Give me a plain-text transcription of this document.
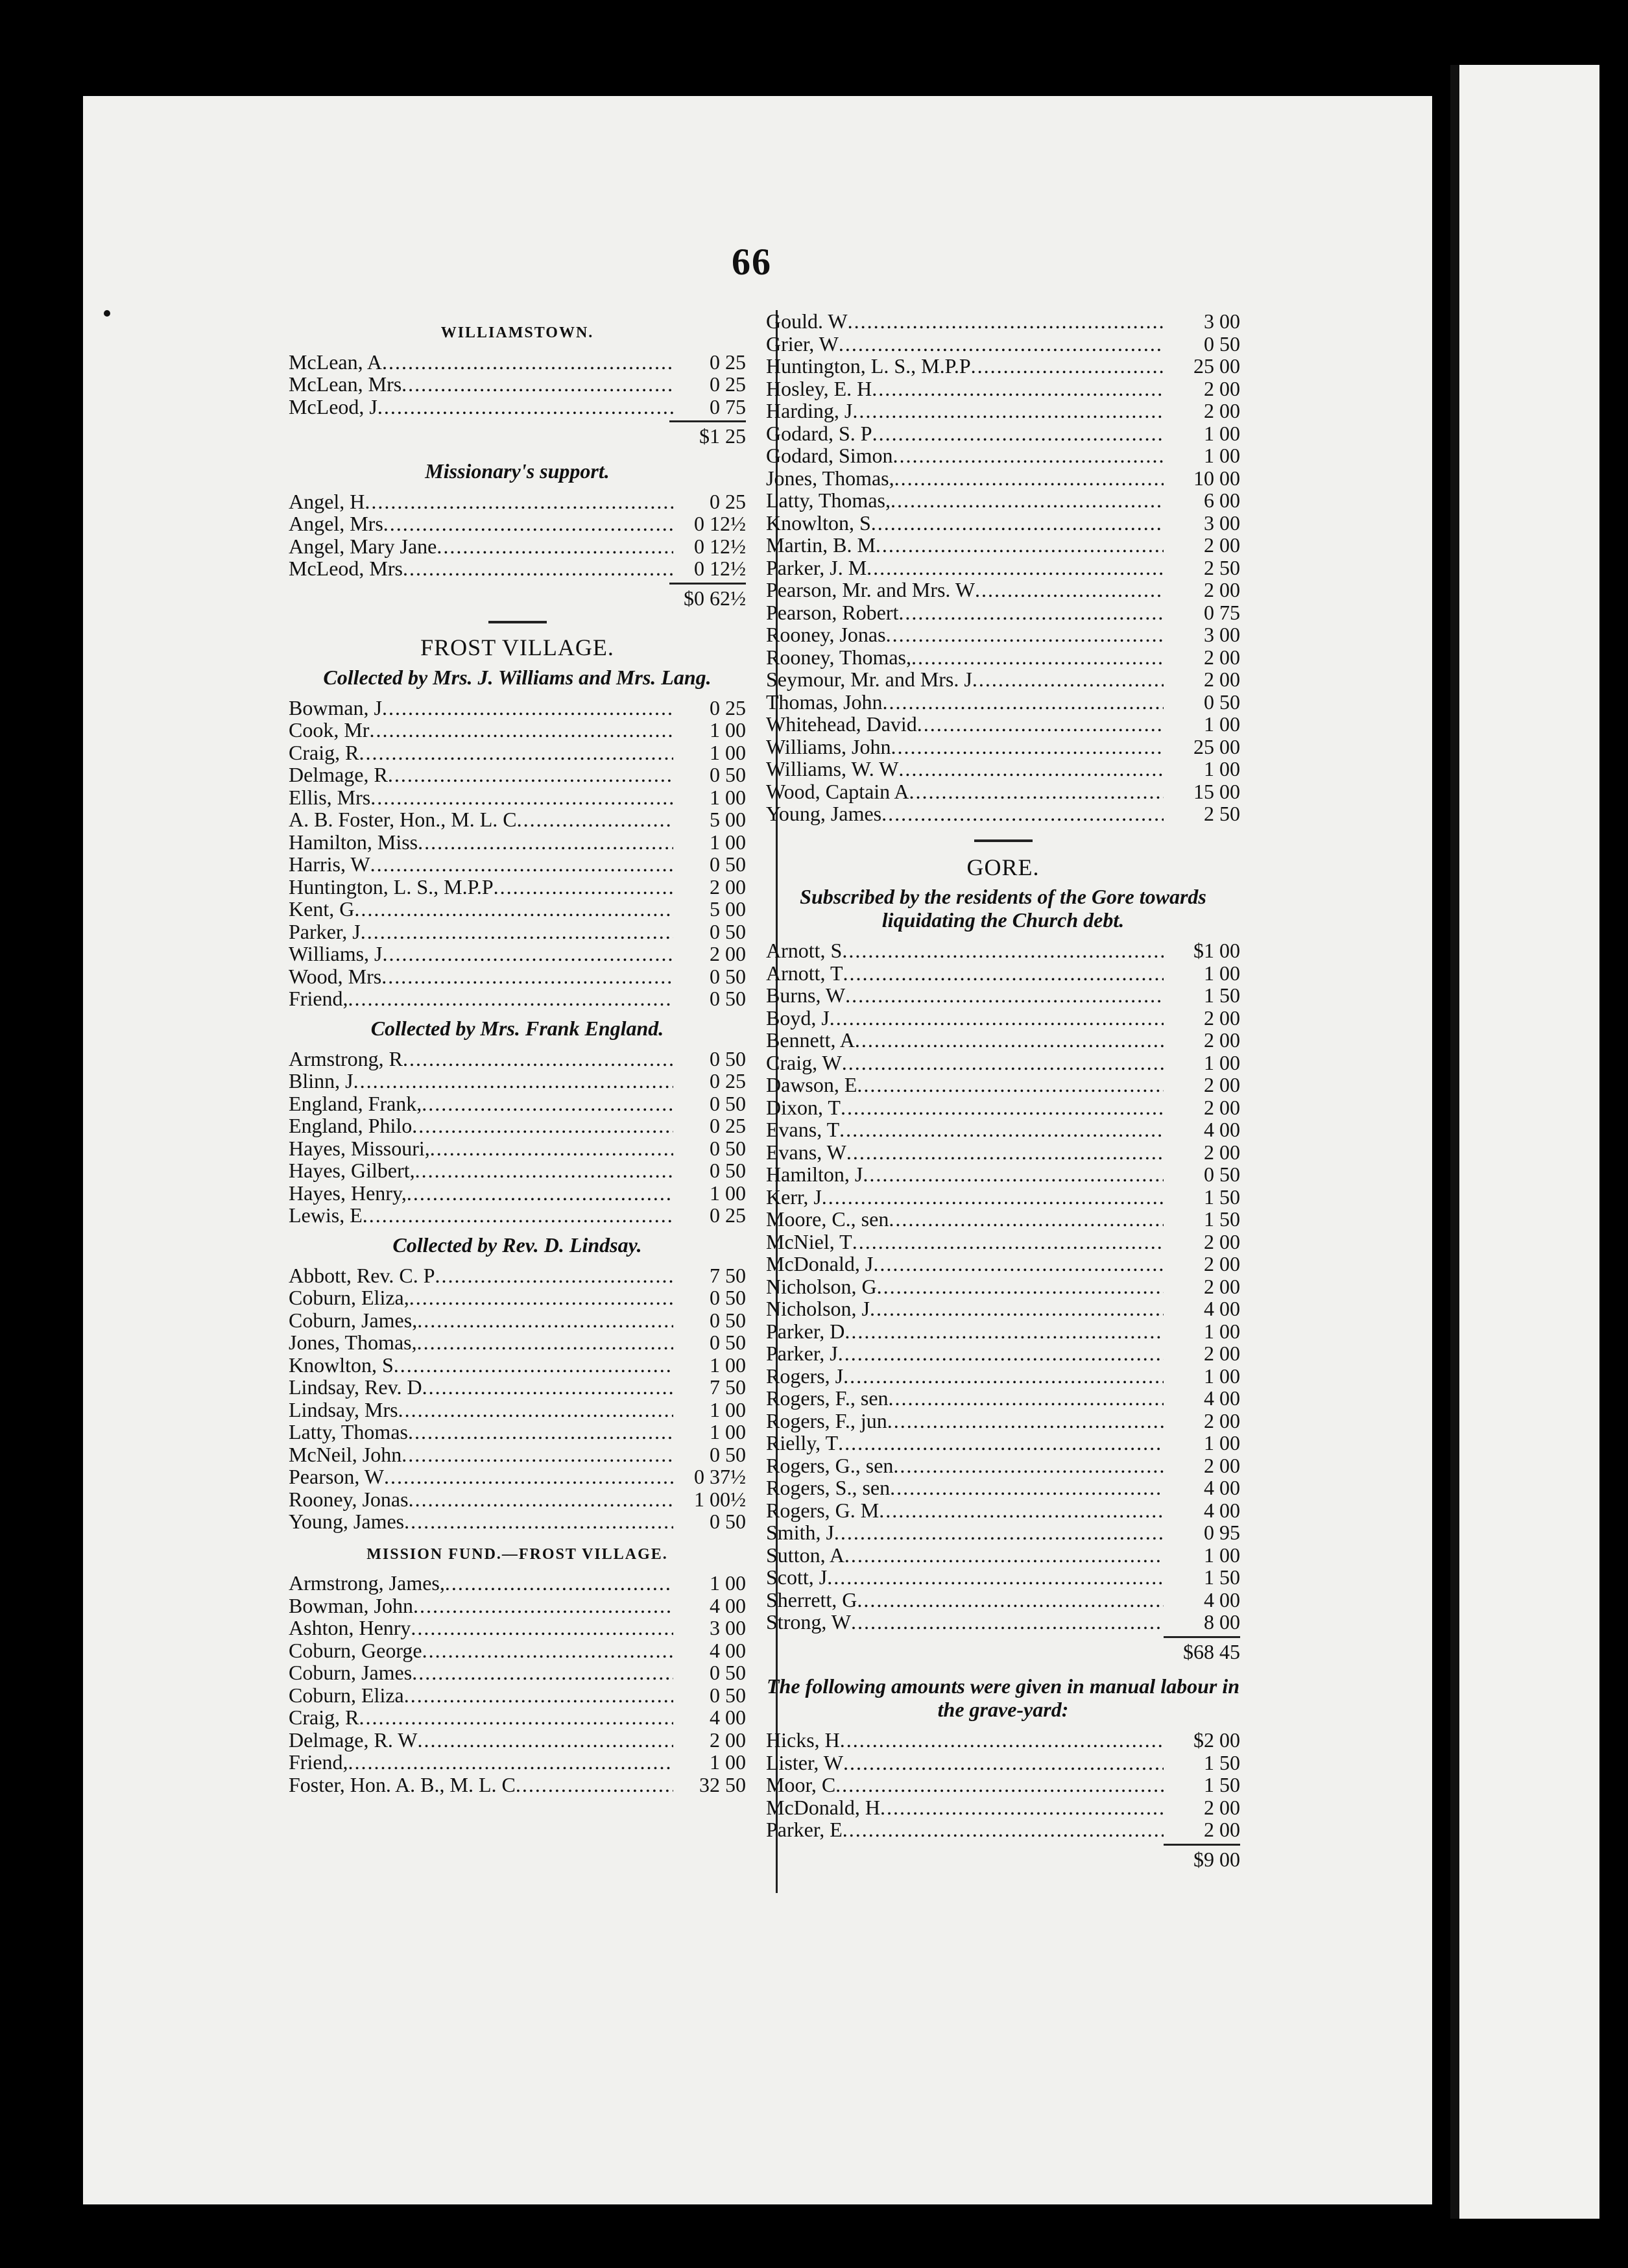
66
WILLIAMSTOWN.
McLean, A .....	0 25
McLean, Mrs .....	0 25
McLeod, J .....	0 75
$1 25
Missionary's support.
Angel, H .....	0 25
Angel, Mrs .....	0 12½
Angel, Mary Jane .....	0 12½
McLeod, Mrs .....	0 12½
$0 62½
FROST VILLAGE.
Collected by Mrs. J. Williams and Mrs. Lang.
Bowman, J .....	0 25
Cook, Mr .....	1 00
Craig, R .....	1 00
Delmage, R .....	0 50
Ellis, Mrs .....	1 00
A. B. Foster, Hon., M. L. C .....	5 00
Hamilton, Miss .....	1 00
Harris, W .....	0 50
Huntington, L. S., M.P.P .....	2 00
Kent, G .....	5 00
Parker, J .....	0 50
Williams, J .....	2 00
Wood, Mrs .....	0 50
Friend, .....	0 50
Collected by Mrs. Frank England.
Armstrong, R .....	0 50
Blinn, J .....	0 25
England, Frank, .....	0 50
England, Philo .....	0 25
Hayes, Missouri, .....	0 50
Hayes, Gilbert, .....	0 50
Hayes, Henry, .....	1 00
Lewis, E .....	0 25
Collected by Rev. D. Lindsay.
Abbott, Rev. C. P .....	7 50
Coburn, Eliza, .....	0 50
Coburn, James, .....	0 50
Jones, Thomas, .....	0 50
Knowlton, S .....	1 00
Lindsay, Rev. D .....	7 50
Lindsay, Mrs .....	1 00
Latty, Thomas .....	1 00
McNeil, John .....	0 50
Pearson, W .....	0 37½
Rooney, Jonas .....	1 00½
Young, James .....	0 50
MISSION FUND.—FROST VILLAGE.
Armstrong, James, .....	1 00
Bowman, John .....	4 00
Ashton, Henry .....	3 00
Coburn, George .....	4 00
Coburn, James .....	0 50
Coburn, Eliza .....	0 50
Craig, R .....	4 00
Delmage, R. W .....	2 00
Friend, .....	1 00
Foster, Hon. A. B., M. L. C .....	32 50
Gould. W .....	3 00
Grier, W .....	0 50
Huntington, L. S., M.P.P .....	25 00
Hosley, E. H .....	2 00
Harding, J .....	2 00
Godard, S. P .....	1 00
Godard, Simon .....	1 00
Jones, Thomas, .....	10 00
Latty, Thomas, .....	6 00
Knowlton, S .....	3 00
Martin, B. M .....	2 00
Parker, J. M .....	2 50
Pearson, Mr. and Mrs. W .....	2 00
Pearson, Robert .....	0 75
Rooney, Jonas .....	3 00
Rooney, Thomas, .....	2 00
Seymour, Mr. and Mrs. J .....	2 00
Thomas, John .....	0 50
Whitehead, David .....	1 00
Williams, John .....	25 00
Williams, W. W .....	1 00
Wood, Captain A .....	15 00
Young, James .....	2 50
GORE.
Subscribed by the residents of the Gore towards liquidating the Church debt.
Arnott, S .....	$1 00
Arnott, T .....	1 00
Burns, W .....	1 50
Boyd, J .....	2 00
Bennett, A .....	2 00
Craig, W .....	1 00
Dawson, E .....	2 00
Dixon, T .....	2 00
Evans, T .....	4 00
Evans, W .....	2 00
Hamilton, J .....	0 50
Kerr, J .....	1 50
Moore, C., sen .....	1 50
McNiel, T .....	2 00
McDonald, J .....	2 00
Nicholson, G .....	2 00
Nicholson, J .....	4 00
Parker, D .....	1 00
Parker, J .....	2 00
Rogers, J .....	1 00
Rogers, F., sen .....	4 00
Rogers, F., jun .....	2 00
Rielly, T .....	1 00
Rogers, G., sen .....	2 00
Rogers, S., sen .....	4 00
Rogers, G. M .....	4 00
Smith, J .....	0 95
Sutton, A .....	1 00
Scott, J .....	1 50
Sherrett, G .....	4 00
Strong, W .....	8 00
$68 45
The following amounts were given in manual labour in the grave-yard:
Hicks, H .....	$2 00
Lister, W .....	1 50
Moor, C .....	1 50
McDonald, H .....	2 00
Parker, E .....	2 00
$9 00
